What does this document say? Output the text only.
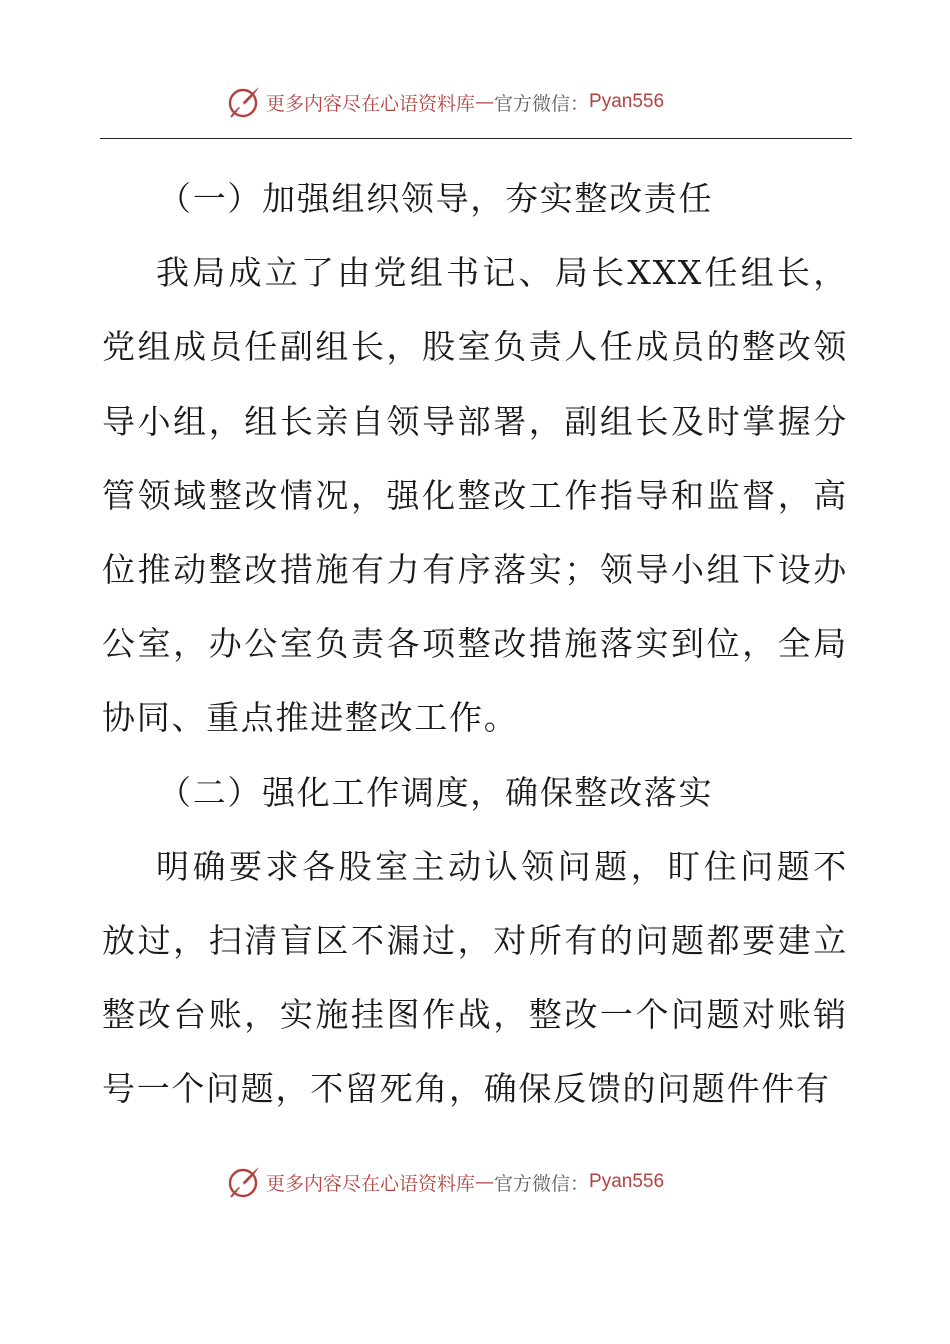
更多内容尽在心语资料库 — 官方微信： Pyan556

（一）加强组织领导，夯实整改责任

我局成立了由党组书记、局长XXX任组长，党组成员任副组长，股室负责人任成员的整改领导小组，组长亲自领导部署，副组长及时掌握分管领域整改情况，强化整改工作指导和监督，高位推动整改措施有力有序落实；领导小组下设办公室，办公室负责各项整改措施落实到位，全局协同、重点推进整改工作。

（二）强化工作调度，确保整改落实

明确要求各股室主动认领问题，盯住问题不放过，扫清盲区不漏过，对所有的问题都要建立整改台账，实施挂图作战，整改一个问题对账销号一个问题，不留死角，确保反馈的问题件件有

更多内容尽在心语资料库 — 官方微信： Pyan556
